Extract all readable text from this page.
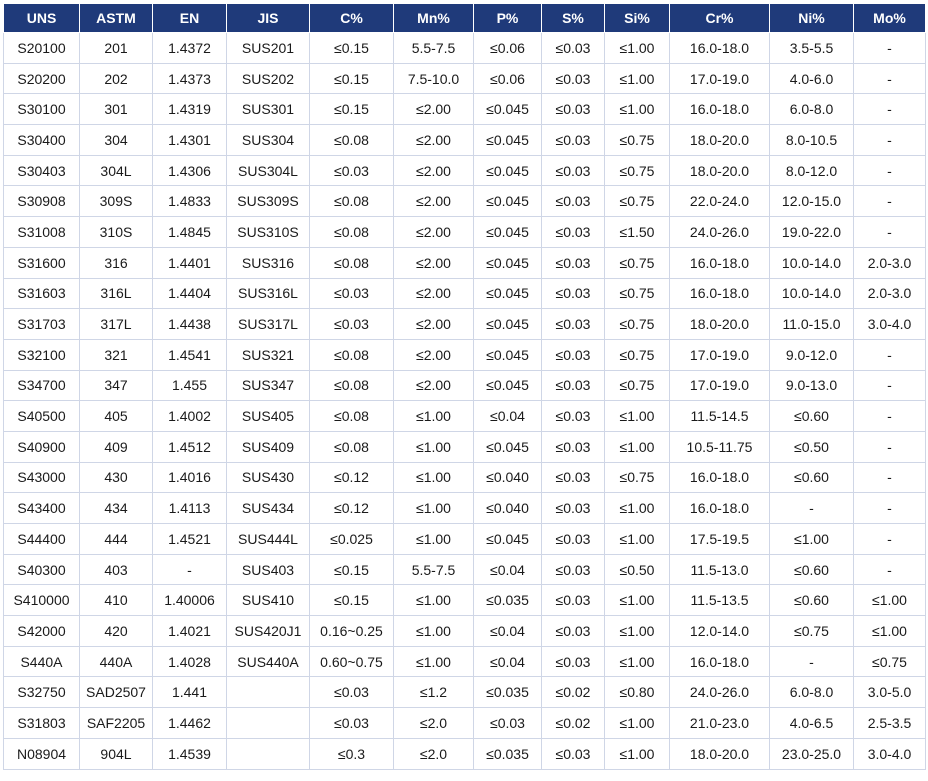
UNS	ASTM	EN	JIS	C%	Mn%	P%	S%	Si%	Cr%	Ni%	Mo%
S20100	201	1.4372	SUS201	≤0.15	5.5-7.5	≤0.06	≤0.03	≤1.00	16.0-18.0	3.5-5.5	-
S20200	202	1.4373	SUS202	≤0.15	7.5-10.0	≤0.06	≤0.03	≤1.00	17.0-19.0	4.0-6.0	-
S30100	301	1.4319	SUS301	≤0.15	≤2.00	≤0.045	≤0.03	≤1.00	16.0-18.0	6.0-8.0	-
S30400	304	1.4301	SUS304	≤0.08	≤2.00	≤0.045	≤0.03	≤0.75	18.0-20.0	8.0-10.5	-
S30403	304L	1.4306	SUS304L	≤0.03	≤2.00	≤0.045	≤0.03	≤0.75	18.0-20.0	8.0-12.0	-
S30908	309S	1.4833	SUS309S	≤0.08	≤2.00	≤0.045	≤0.03	≤0.75	22.0-24.0	12.0-15.0	-
S31008	310S	1.4845	SUS310S	≤0.08	≤2.00	≤0.045	≤0.03	≤1.50	24.0-26.0	19.0-22.0	-
S31600	316	1.4401	SUS316	≤0.08	≤2.00	≤0.045	≤0.03	≤0.75	16.0-18.0	10.0-14.0	2.0-3.0
S31603	316L	1.4404	SUS316L	≤0.03	≤2.00	≤0.045	≤0.03	≤0.75	16.0-18.0	10.0-14.0	2.0-3.0
S31703	317L	1.4438	SUS317L	≤0.03	≤2.00	≤0.045	≤0.03	≤0.75	18.0-20.0	11.0-15.0	3.0-4.0
S32100	321	1.4541	SUS321	≤0.08	≤2.00	≤0.045	≤0.03	≤0.75	17.0-19.0	9.0-12.0	-
S34700	347	1.455	SUS347	≤0.08	≤2.00	≤0.045	≤0.03	≤0.75	17.0-19.0	9.0-13.0	-
S40500	405	1.4002	SUS405	≤0.08	≤1.00	≤0.04	≤0.03	≤1.00	11.5-14.5	≤0.60	-
S40900	409	1.4512	SUS409	≤0.08	≤1.00	≤0.045	≤0.03	≤1.00	10.5-11.75	≤0.50	-
S43000	430	1.4016	SUS430	≤0.12	≤1.00	≤0.040	≤0.03	≤0.75	16.0-18.0	≤0.60	-
S43400	434	1.4113	SUS434	≤0.12	≤1.00	≤0.040	≤0.03	≤1.00	16.0-18.0	-	-
S44400	444	1.4521	SUS444L	≤0.025	≤1.00	≤0.045	≤0.03	≤1.00	17.5-19.5	≤1.00	-
S40300	403	-	SUS403	≤0.15	5.5-7.5	≤0.04	≤0.03	≤0.50	11.5-13.0	≤0.60	-
S410000	410	1.40006	SUS410	≤0.15	≤1.00	≤0.035	≤0.03	≤1.00	11.5-13.5	≤0.60	≤1.00
S42000	420	1.4021	SUS420J1	0.16~0.25	≤1.00	≤0.04	≤0.03	≤1.00	12.0-14.0	≤0.75	≤1.00
S440A	440A	1.4028	SUS440A	0.60~0.75	≤1.00	≤0.04	≤0.03	≤1.00	16.0-18.0	-	≤0.75
S32750	SAD2507	1.441		≤0.03	≤1.2	≤0.035	≤0.02	≤0.80	24.0-26.0	6.0-8.0	3.0-5.0
S31803	SAF2205	1.4462		≤0.03	≤2.0	≤0.03	≤0.02	≤1.00	21.0-23.0	4.0-6.5	2.5-3.5
N08904	904L	1.4539		≤0.3	≤2.0	≤0.035	≤0.03	≤1.00	18.0-20.0	23.0-25.0	3.0-4.0
